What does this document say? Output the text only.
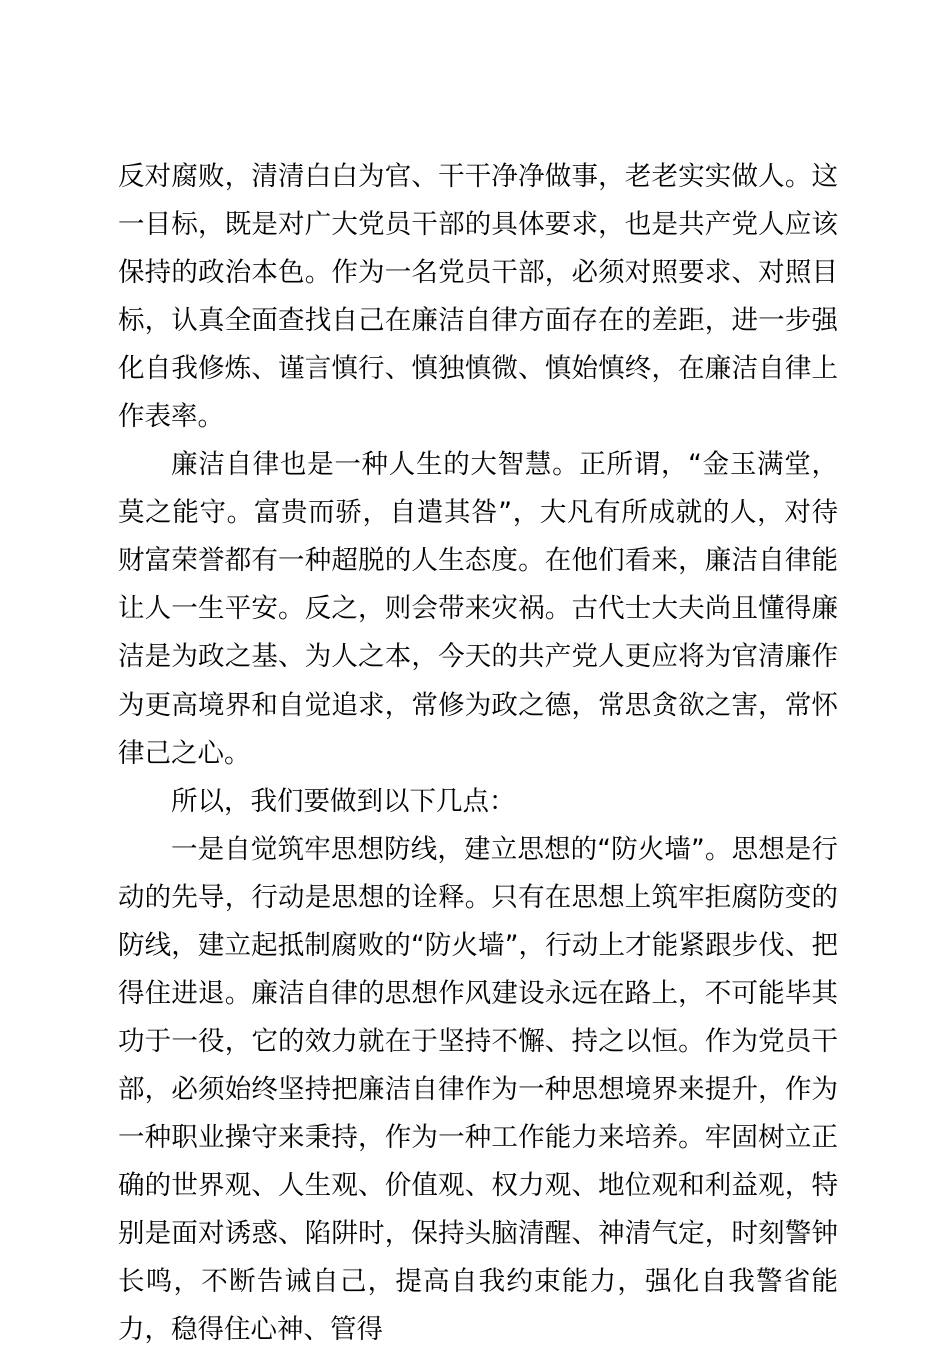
反对腐败，清清白白为官、干干净净做事，老老实实做人。这一目标，既是对广大党员干部的具体要求，也是共产党人应该保持的政治本色。作为一名党员干部，必须对照要求、对照目标，认真全面查找自己在廉洁自律方面存在的差距，进一步强化自我修炼、谨言慎行、慎独慎微、慎始慎终，在廉洁自律上作表率。

廉洁自律也是一种人生的大智慧。正所谓，“金玉满堂，莫之能守。富贵而骄，自遣其咎”，大凡有所成就的人，对待财富荣誉都有一种超脱的人生态度。在他们看来，廉洁自律能让人一生平安。反之，则会带来灾祸。古代士大夫尚且懂得廉洁是为政之基、为人之本，今天的共产党人更应将为官清廉作为更高境界和自觉追求，常修为政之德，常思贪欲之害，常怀律己之心。

所以，我们要做到以下几点：

一是自觉筑牢思想防线，建立思想的“防火墙”。思想是行动的先导，行动是思想的诠释。只有在思想上筑牢拒腐防变的防线，建立起抵制腐败的“防火墙”，行动上才能紧跟步伐、把得住进退。廉洁自律的思想作风建设永远在路上，不可能毕其功于一役，它的效力就在于坚持不懈、持之以恒。作为党员干部，必须始终坚持把廉洁自律作为一种思想境界来提升，作为一种职业操守来秉持，作为一种工作能力来培养。牢固树立正确的世界观、人生观、价值观、权力观、地位观和利益观，特别是面对诱惑、陷阱时，保持头脑清醒、神清气定，时刻警钟长鸣，不断告诫自己，提高自我约束能力，强化自我警省能力，稳得住心神、管得
